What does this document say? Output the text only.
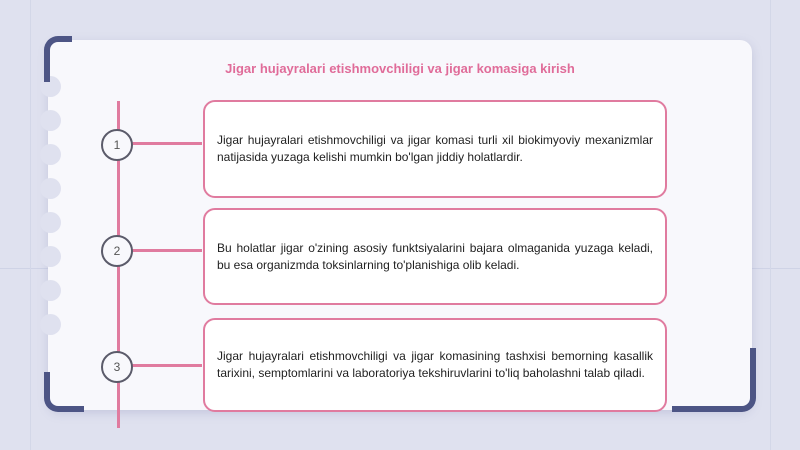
Jigar hujayralari etishmovchiligi va jigar komasiga kirish
1	Jigar hujayralari etishmovchiligi va jigar komasi turli xil biokimyoviy mexanizmlar natijasida yuzaga kelishi mumkin bo'lgan jiddiy holatlardir.
2	Bu holatlar jigar o'zining asosiy funktsiyalarini bajara olmaganida yuzaga keladi, bu esa organizmda toksinlarning to'planishiga olib keladi.
3
Jigar hujayralari etishmovchiligi va jigar komasining tashxisi bemorning kasallik tarixini, semptomlarini va laboratoriya tekshiruvlarini to'liq baholashni talab qiladi.
